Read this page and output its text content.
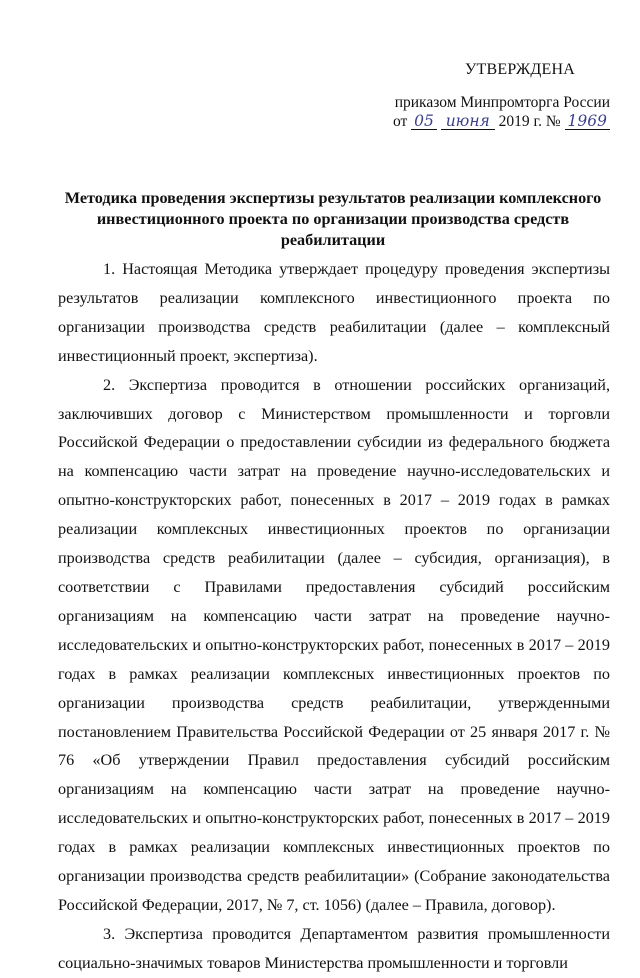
УТВЕРЖДЕНА
приказом Минпромторга России
от 05 июня 2019 г. № 1969
Методика проведения экспертизы результатов реализации комплексного инвестиционного проекта по организации производства средств реабилитации

1. Настоящая Методика утверждает процедуру проведения экспертизы результатов реализации комплексного инвестиционного проекта по организации производства средств реабилитации (далее – комплексный инвестиционный проект, экспертиза).

2. Экспертиза проводится в отношении российских организаций, заключивших договор с Министерством промышленности и торговли Российской Федерации о предоставлении субсидии из федерального бюджета на компенсацию части затрат на проведение научно-исследовательских и опытно-конструкторских работ, понесенных в 2017 – 2019 годах в рамках реализации комплексных инвестиционных проектов по организации производства средств реабилитации (далее – субсидия, организация), в соответствии с Правилами предоставления субсидий российским организациям на компенсацию части затрат на проведение научно-исследовательских и опытно-конструкторских работ, понесенных в 2017 – 2019 годах в рамках реализации комплексных инвестиционных проектов по организации производства средств реабилитации, утвержденными постановлением Правительства Российской Федерации от 25 января 2017 г. № 76 «Об утверждении Правил предоставления субсидий российским организациям на компенсацию части затрат на проведение научно-исследовательских и опытно-конструкторских работ, понесенных в 2017 – 2019 годах в рамках реализации комплексных инвестиционных проектов по организации производства средств реабилитации» (Собрание законодательства Российской Федерации, 2017, № 7, ст. 1056) (далее – Правила, договор).

3. Экспертиза проводится Департаментом развития промышленности социально-значимых товаров Министерства промышленности и торговли
